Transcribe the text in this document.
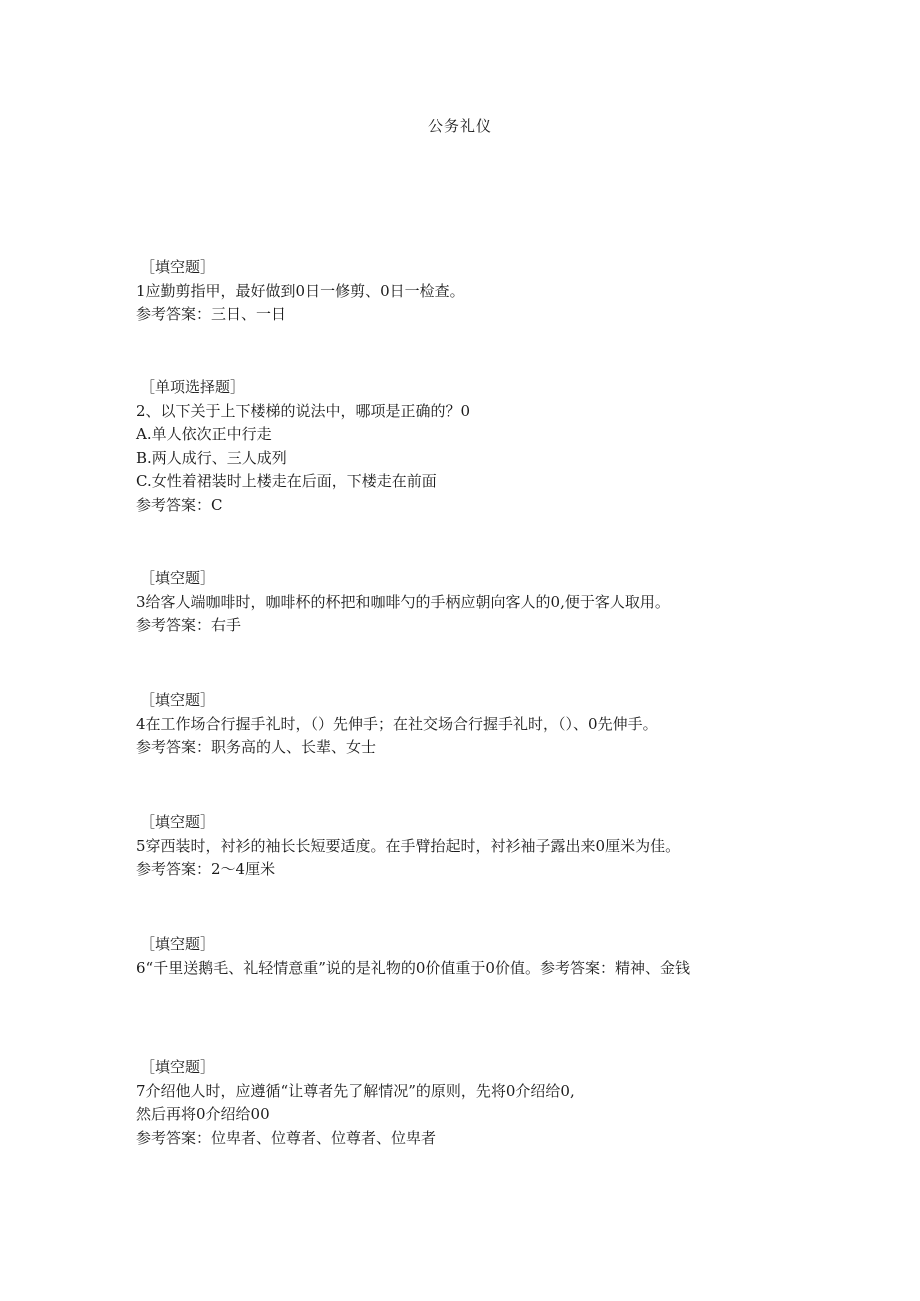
公务礼仪
［填空题］
1应勤剪指甲，最好做到0日一修剪、0日一检查。
参考答案：三日、一日
［单项选择题］
2、以下关于上下楼梯的说法中，哪项是正确的？0
A.单人依次正中行走
B.两人成行、三人成列
C.女性着裙装时上楼走在后面，下楼走在前面
参考答案：C
［填空题］
3给客人端咖啡时，咖啡杯的杯把和咖啡勺的手柄应朝向客人的0,便于客人取用。
参考答案：右手
［填空题］
4在工作场合行握手礼时，（）先伸手；在社交场合行握手礼时，（）、0先伸手。
参考答案：职务高的人、长辈、女士
［填空题］
5穿西装时，衬衫的袖长长短要适度。在手臂抬起时，衬衫袖子露出来0厘米为佳。
参考答案：2～4厘米
［填空题］
6“千里送鹅毛、礼轻情意重”说的是礼物的0价值重于0价值。参考答案：精神、金钱
［填空题］
7介绍他人时，应遵循“让尊者先了解情况”的原则，先将0介绍给0,
然后再将0介绍给00
参考答案：位卑者、位尊者、位尊者、位卑者
